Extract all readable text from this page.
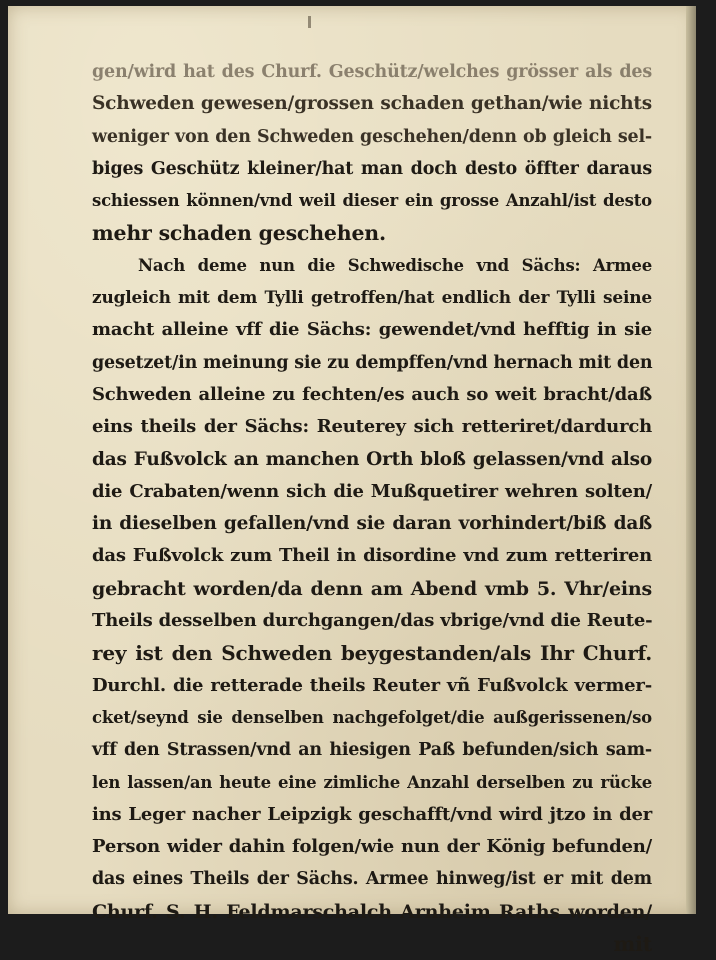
gen/wird hat des Churf. Geschütz/welches grösser als des
Schweden gewesen/grossen schaden gethan/wie nichts
weniger von den Schweden geschehen/denn ob gleich sel-
biges Geschütz kleiner/hat man doch desto öffter daraus
schiessen können/vnd weil dieser ein grosse Anzahl/ist desto
mehr schaden geschehen.
Nach deme nun die Schwedische vnd Sächs: Armee
zugleich mit dem Tylli getroffen/hat endlich der Tylli seine
macht alleine vff die Sächs: gewendet/vnd hefftig in sie
gesetzet/in meinung sie zu dempffen/vnd hernach mit den
Schweden alleine zu fechten/es auch so weit bracht/daß
eins theils der Sächs: Reuterey sich retteriret/dardurch
das Fußvolck an manchen Orth bloß gelassen/vnd also
die Crabaten/wenn sich die Mußquetirer wehren solten/
in dieselben gefallen/vnd sie daran vorhindert/biß daß
das Fußvolck zum Theil in disordine vnd zum retteriren
gebracht worden/da denn am Abend vmb 5. Vhr/eins
Theils desselben durchgangen/das vbrige/vnd die Reute-
rey ist den Schweden beygestanden/als Ihr Churf.
Durchl. die retterade theils Reuter vñ Fußvolck vermer-
cket/seynd sie denselben nachgefolget/die außgerissenen/so
vff den Strassen/vnd an hiesigen Paß befunden/sich sam-
len lassen/an heute eine zimliche Anzahl derselben zu rücke
ins Leger nacher Leipzigk geschafft/vnd wird jtzo in der
Person wider dahin folgen/wie nun der König befunden/
das eines Theils der Sächs. Armee hinweg/ist er mit dem
Churf. S. H. Feldmarschalch Arnheim Raths worden/
mit
